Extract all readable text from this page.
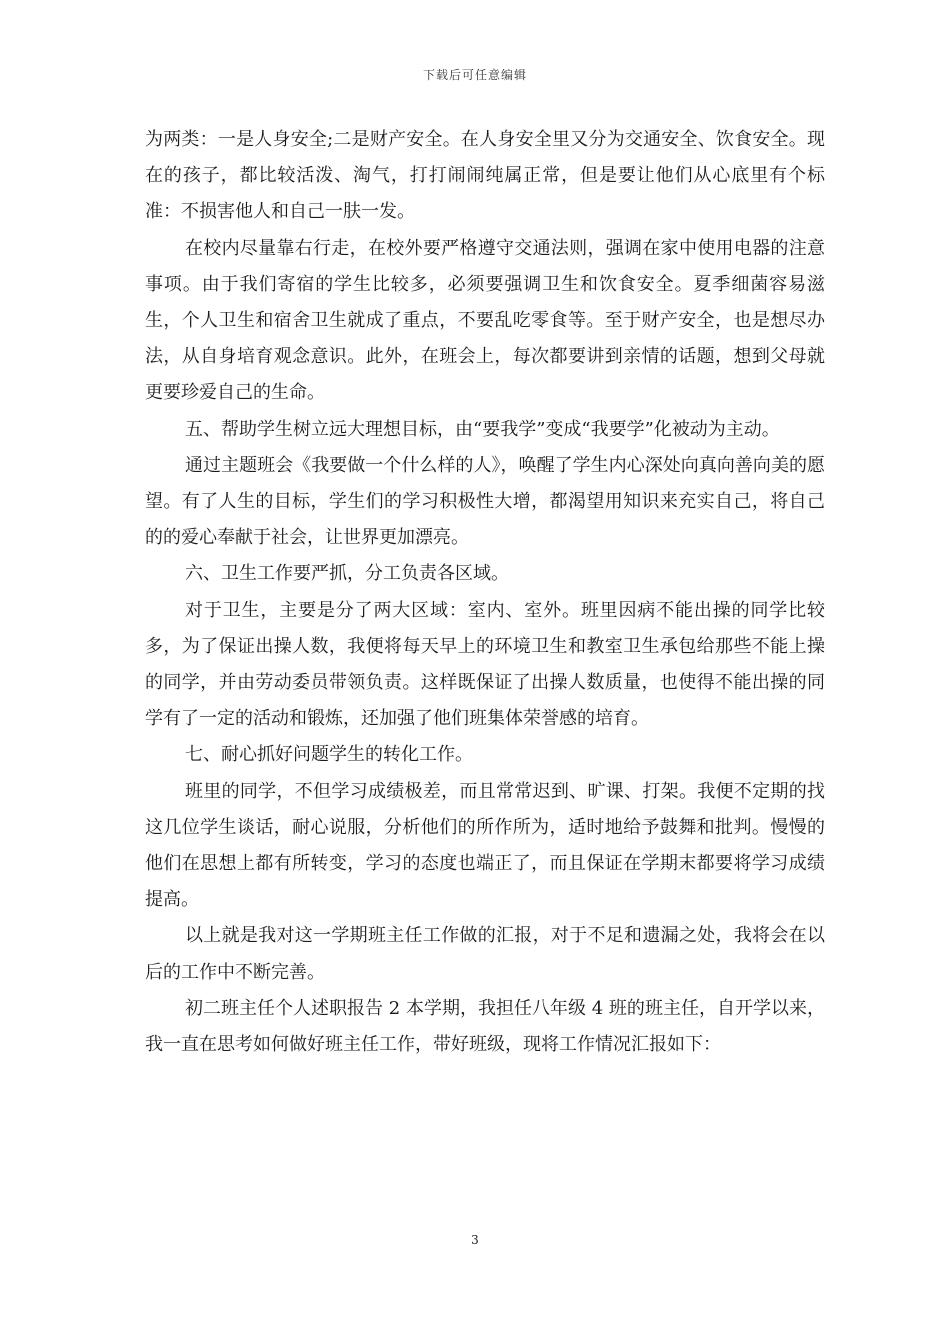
下载后可任意编辑

为两类：一是人身安全;二是财产安全。在人身安全里又分为交通安全、饮食安全。现在的孩子，都比较活泼、淘气，打打闹闹纯属正常，但是要让他们从心底里有个标准：不损害他人和自己一肤一发。

在校内尽量靠右行走，在校外要严格遵守交通法则，强调在家中使用电器的注意事项。由于我们寄宿的学生比较多，必须要强调卫生和饮食安全。夏季细菌容易滋生，个人卫生和宿舍卫生就成了重点，不要乱吃零食等。至于财产安全，也是想尽办法，从自身培育观念意识。此外，在班会上，每次都要讲到亲情的话题，想到父母就更要珍爱自己的生命。

五、帮助学生树立远大理想目标，由“要我学”变成“我要学”化被动为主动。

通过主题班会《我要做一个什么样的人》，唤醒了学生内心深处向真向善向美的愿望。有了人生的目标，学生们的学习积极性大增，都渴望用知识来充实自己，将自己的的爱心奉献于社会，让世界更加漂亮。

六、卫生工作要严抓，分工负责各区域。

对于卫生，主要是分了两大区域：室内、室外。班里因病不能出操的同学比较多，为了保证出操人数，我便将每天早上的环境卫生和教室卫生承包给那些不能上操的同学，并由劳动委员带领负责。这样既保证了出操人数质量，也使得不能出操的同学有了一定的活动和锻炼，还加强了他们班集体荣誉感的培育。

七、耐心抓好问题学生的转化工作。

班里的同学，不但学习成绩极差，而且常常迟到、旷课、打架。我便不定期的找这几位学生谈话，耐心说服，分析他们的所作所为，适时地给予鼓舞和批判。慢慢的他们在思想上都有所转变，学习的态度也端正了，而且保证在学期末都要将学习成绩提高。

以上就是我对这一学期班主任工作做的汇报，对于不足和遗漏之处，我将会在以后的工作中不断完善。

初二班主任个人述职报告 2 本学期，我担任八年级 4 班的班主任，自开学以来，我一直在思考如何做好班主任工作，带好班级，现将工作情况汇报如下：

3
